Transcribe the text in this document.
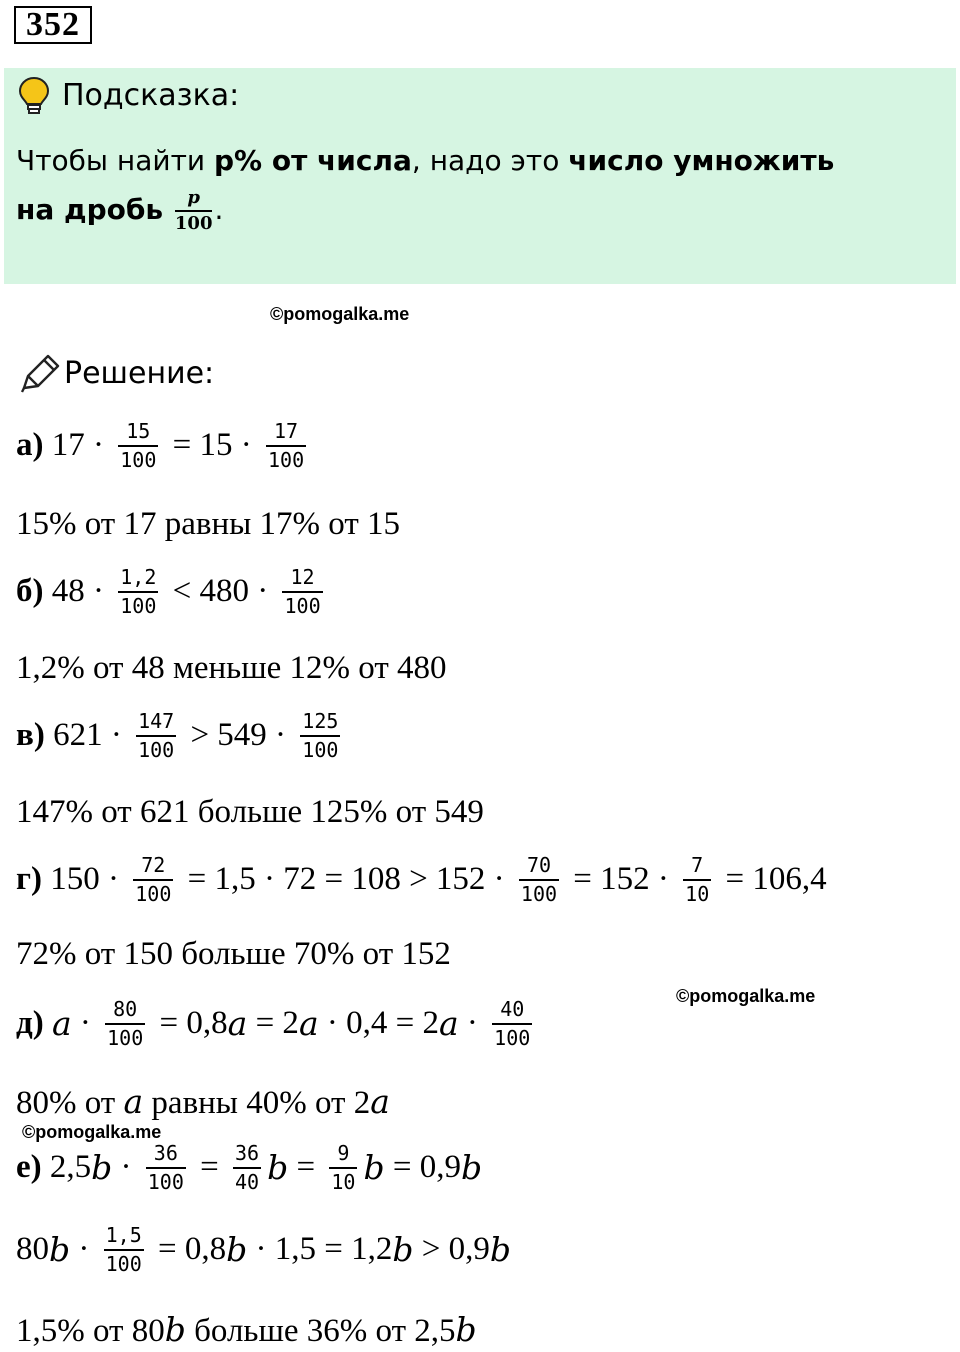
352
Подсказка:
Чтобы найти p% от числа, надо это число умножить
на дробь $\frac{p}{100}$ .
©pomogalka.me
Решение:
а) $17 \cdot \frac{15}{100} = 15 \cdot \frac{17}{100}$
15% от 17 равны 17% от 15
б) $48 \cdot \frac{1,2}{100} < 480 \cdot \frac{12}{100}$
1,2% от 48 меньше 12% от 480
в) $621 \cdot \frac{147}{100} > 549 \cdot \frac{125}{100}$
147% от 621 больше 125% от 549
г) $150 \cdot \frac{72}{100} = 1,5 \cdot 72 = 108 > 152 \cdot \frac{70}{100} = 152 \cdot \frac{7}{10} = 106,4$
72% от 150 больше 70% от 152
©pomogalka.me
д)
$a \cdot \frac{80}{100} = 0,8$ a = 2 a · 0,4 = 2 $a \cdot \frac{40}{100}$
80% от a равны 40% от 2a
©pomogalka.me
е) 2,5 $b \cdot \frac{36}{100} = \frac{36}{40}$ $b = \frac{9}{10}$ b = 0,9 b
80 $b \cdot \frac{1,5}{100} = 0,8$ b · 1,5 = 1,2 b > 0,9 b
1,5% от 80b больше 36% от 2,5b
